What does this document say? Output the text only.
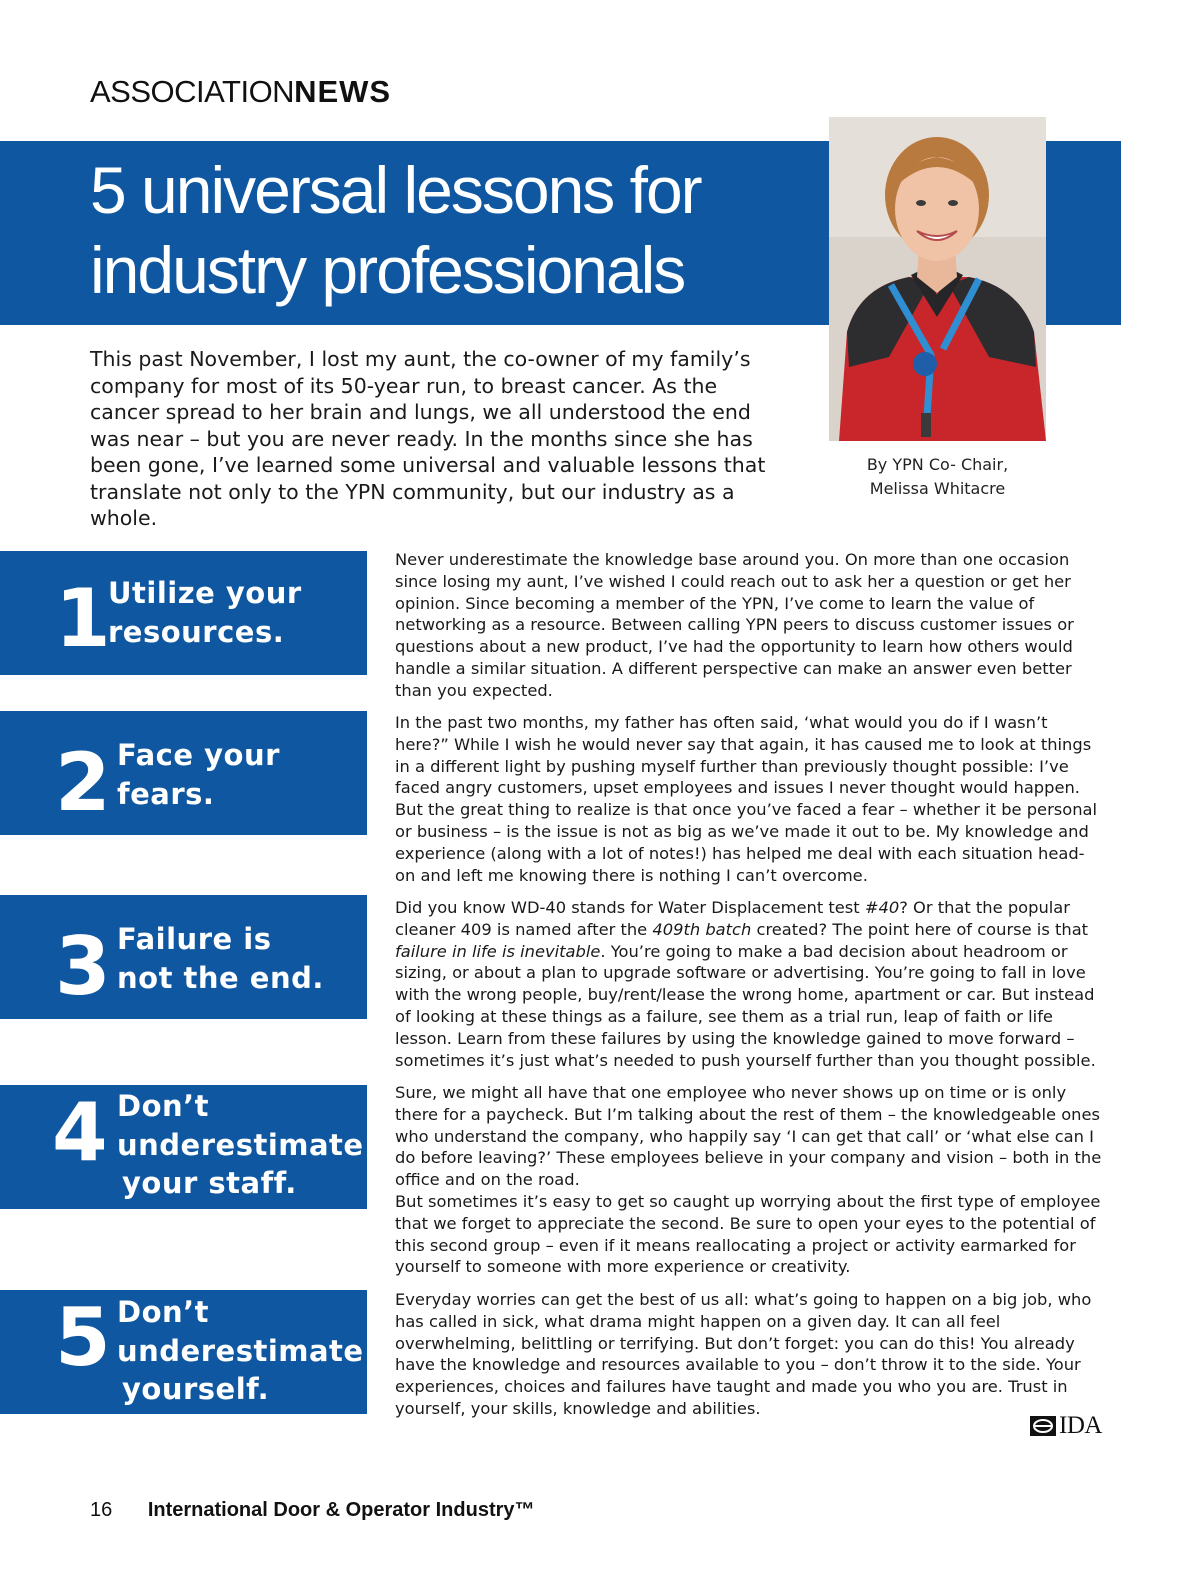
ASSOCIATIONNEWS
5 universal lessons for
industry professionals
By YPN Co- Chair,
Melissa Whitacre

This past November, I lost my aunt, the co-owner of my family’s company for most of its 50-year run, to breast cancer. As the cancer spread to her brain and lungs, we all understood the end was near – but you are never ready. In the months since she has been gone, I’ve learned some universal and valuable lessons that translate not only to the YPN community, but our industry as a whole.

1

Utilize your
resources.

Never underestimate the knowledge base around you. On more than one occasion since losing my aunt, I’ve wished I could reach out to ask her a question or get her opinion. Since becoming a member of the YPN, I’ve come to learn the value of networking as a resource. Between calling YPN peers to discuss customer issues or questions about a new product, I’ve had the opportunity to learn how others would handle a similar situation. A different perspective can make an answer even better than you expected.

2 Face your
fears.

In the past two months, my father has often said, ‘what would you do if I wasn’t here?” While I wish he would never say that again, it has caused me to look at things in a different light by pushing myself further than previously thought possible: I’ve faced angry customers, upset employees and issues I never thought would happen. But the great thing to realize is that once you’ve faced a fear – whether it be personal or business – is the issue is not as big as we’ve made it out to be. My knowledge and experience (along with a lot of notes!) has helped me deal with each situation head-on and left me knowing there is nothing I can’t overcome.

3 Failure is
not the end.

Did you know WD-40 stands for Water Displacement test #40? Or that the popular cleaner 409 is named after the 409th batch created? The point here of course is that failure in life is inevitable. You’re going to make a bad decision about headroom or sizing, or about a plan to upgrade software or advertising. You’re going to fall in love with the wrong people, buy/rent/lease the wrong home, apartment or car. But instead of looking at these things as a failure, see them as a trial run, leap of faith or life lesson. Learn from these failures by using the knowledge gained to move forward – sometimes it’s just what’s needed to push yourself further than you thought possible.

4 Don’t
underestimate
your staff.

Sure, we might all have that one employee who never shows up on time or is only there for a paycheck. But I’m talking about the rest of them – the knowledgeable ones who understand the company, who happily say ‘I can get that call’ or ‘what else can I do before leaving?’ These employees believe in your company and vision – both in the office and on the road.

But sometimes it’s easy to get so caught up worrying about the first type of employee that we forget to appreciate the second. Be sure to open your eyes to the potential of this second group – even if it means reallocating a project or activity earmarked for yourself to someone with more experience or creativity.

5 Don’t
underestimate
yourself.

Everyday worries can get the best of us all: what’s going to happen on a big job, who has called in sick, what drama might happen on a given day. It can all feel overwhelming, belittling or terrifying. But don’t forget: you can do this! You already have the knowledge and resources available to you – don’t throw it to the side. Your experiences, choices and failures have taught and made you who you are. Trust in yourself, your skills, knowledge and abilities.

IDA
16 International Door & Operator Industry™
